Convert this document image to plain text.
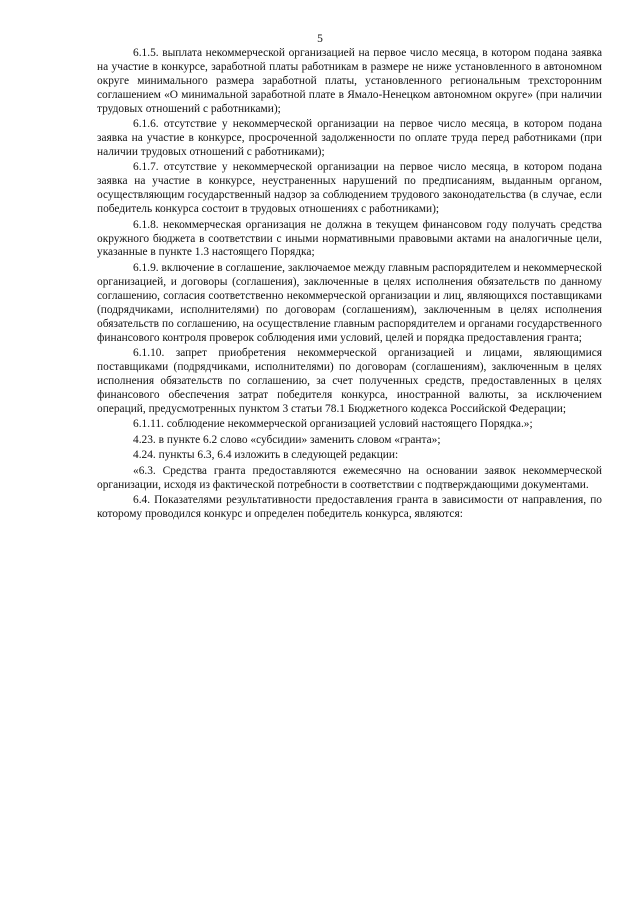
5

6.1.5. выплата некоммерческой организацией на первое число месяца, в котором подана заявка на участие в конкурсе, заработной платы работникам в размере не ниже установленного в автономном округе минимального размера заработной платы, установленного региональным трехсторонним соглашением «О минимальной заработной плате в Ямало-Ненецком автономном округе» (при наличии трудовых отношений с работниками);

6.1.6. отсутствие у некоммерческой организации на первое число месяца, в котором подана заявка на участие в конкурсе, просроченной задолженности по оплате труда перед работниками (при наличии трудовых отношений с работниками);

6.1.7. отсутствие у некоммерческой организации на первое число месяца, в котором подана заявка на участие в конкурсе, неустраненных нарушений по предписаниям, выданным органом, осуществляющим государственный надзор за соблюдением трудового законодательства (в случае, если победитель конкурса состоит в трудовых отношениях с работниками);

6.1.8. некоммерческая организация не должна в текущем финансовом году получать средства окружного бюджета в соответствии с иными нормативными правовыми актами на аналогичные цели, указанные в пункте 1.3 настоящего Порядка;

6.1.9. включение в соглашение, заключаемое между главным распорядителем и некоммерческой организацией, и договоры (соглашения), заключенные в целях исполнения обязательств по данному соглашению, согласия соответственно некоммерческой организации и лиц, являющихся поставщиками (подрядчиками, исполнителями) по договорам (соглашениям), заключенным в целях исполнения обязательств по соглашению, на осуществление главным распорядителем и органами государственного финансового контроля проверок соблюдения ими условий, целей и порядка предоставления гранта;

6.1.10. запрет приобретения некоммерческой организацией и лицами, являющимися поставщиками (подрядчиками, исполнителями) по договорам (соглашениям), заключенным в целях исполнения обязательств по соглашению, за счет полученных средств, предоставленных в целях финансового обеспечения затрат победителя конкурса, иностранной валюты, за исключением операций, предусмотренных пунктом 3 статьи 78.1 Бюджетного кодекса Российской Федерации;

6.1.11. соблюдение некоммерческой организацией условий настоящего Порядка.»;

4.23. в пункте 6.2 слово «субсидии» заменить словом «гранта»;

4.24. пункты 6.3, 6.4 изложить в следующей редакции:

«6.3. Средства гранта предоставляются ежемесячно на основании заявок некоммерческой организации, исходя из фактической потребности в соответствии с подтверждающими документами.

6.4. Показателями результативности предоставления гранта в зависимости от направления, по которому проводился конкурс и определен победитель конкурса, являются:
